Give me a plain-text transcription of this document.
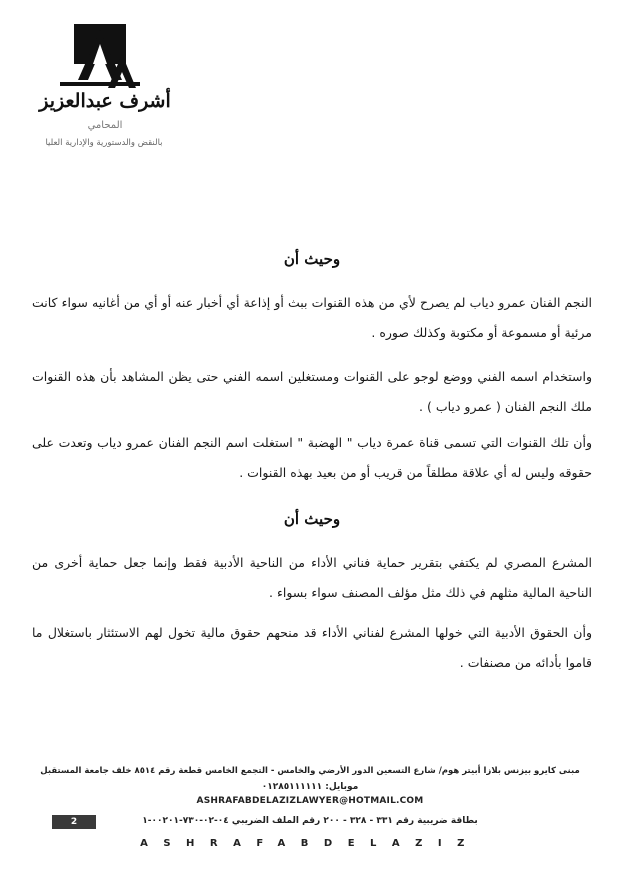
أشرف عبدالعزيز
المحامي
بالنقض والدستورية والإدارية العليا
وحيث أن

النجم الفنان عمرو دياب لم يصرح لأي من هذه القنوات ببث أو إذاعة أي أخبار عنه أو أي من أغانيه سواء كانت مرئية أو مسموعة أو مكتوبة وكذلك صوره .

واستخدام اسمه الفني ووضع لوجو على القنوات ومستغلين اسمه الفني حتى يظن المشاهد بأن هذه القنوات ملك النجم الفنان ( عمرو دياب ) .

وأن تلك القنوات التي تسمى قناة عمرة دياب " الهضبة " استغلت اسم النجم الفنان عمرو دياب وتعدت على حقوقه وليس له أي علاقة مطلقاً من قريب أو من بعيد بهذه القنوات .

وحيث أن

المشرع المصري لم يكتفي بتقرير حماية فناني الأداء من الناحية الأدبية فقط وإنما جعل حماية أخرى من الناحية المالية مثلهم في ذلك مثل مؤلف المصنف سواء بسواء .

وأن الحقوق الأدبية التي خولها المشرع لفناني الأداء قد منحهم حقوق مالية تخول لهم الاستئثار باستغلال ما قاموا بأدائه من مصنفات .

مبنى كايرو بيزنس بلازا أبيتر هوم/ شارع التسعين الدور الأرضي والخامس - التجمع الخامس قطعة رقم ٨٥١٤ خلف جامعة المستقبل
موبايل: ٠١٢٨٥١١١١١١
ASHRAFABDELAZIZLAWYER@HOTMAIL.COM
بطاقة ضريبية رقم ٣٣١ - ٣٢٨ - ٢٠٠ رقم الملف الضريبي ٠٤-٠٢-٧٣٠-٠٠٢٠١-١
2
ASHRAFABDELAZIZ
